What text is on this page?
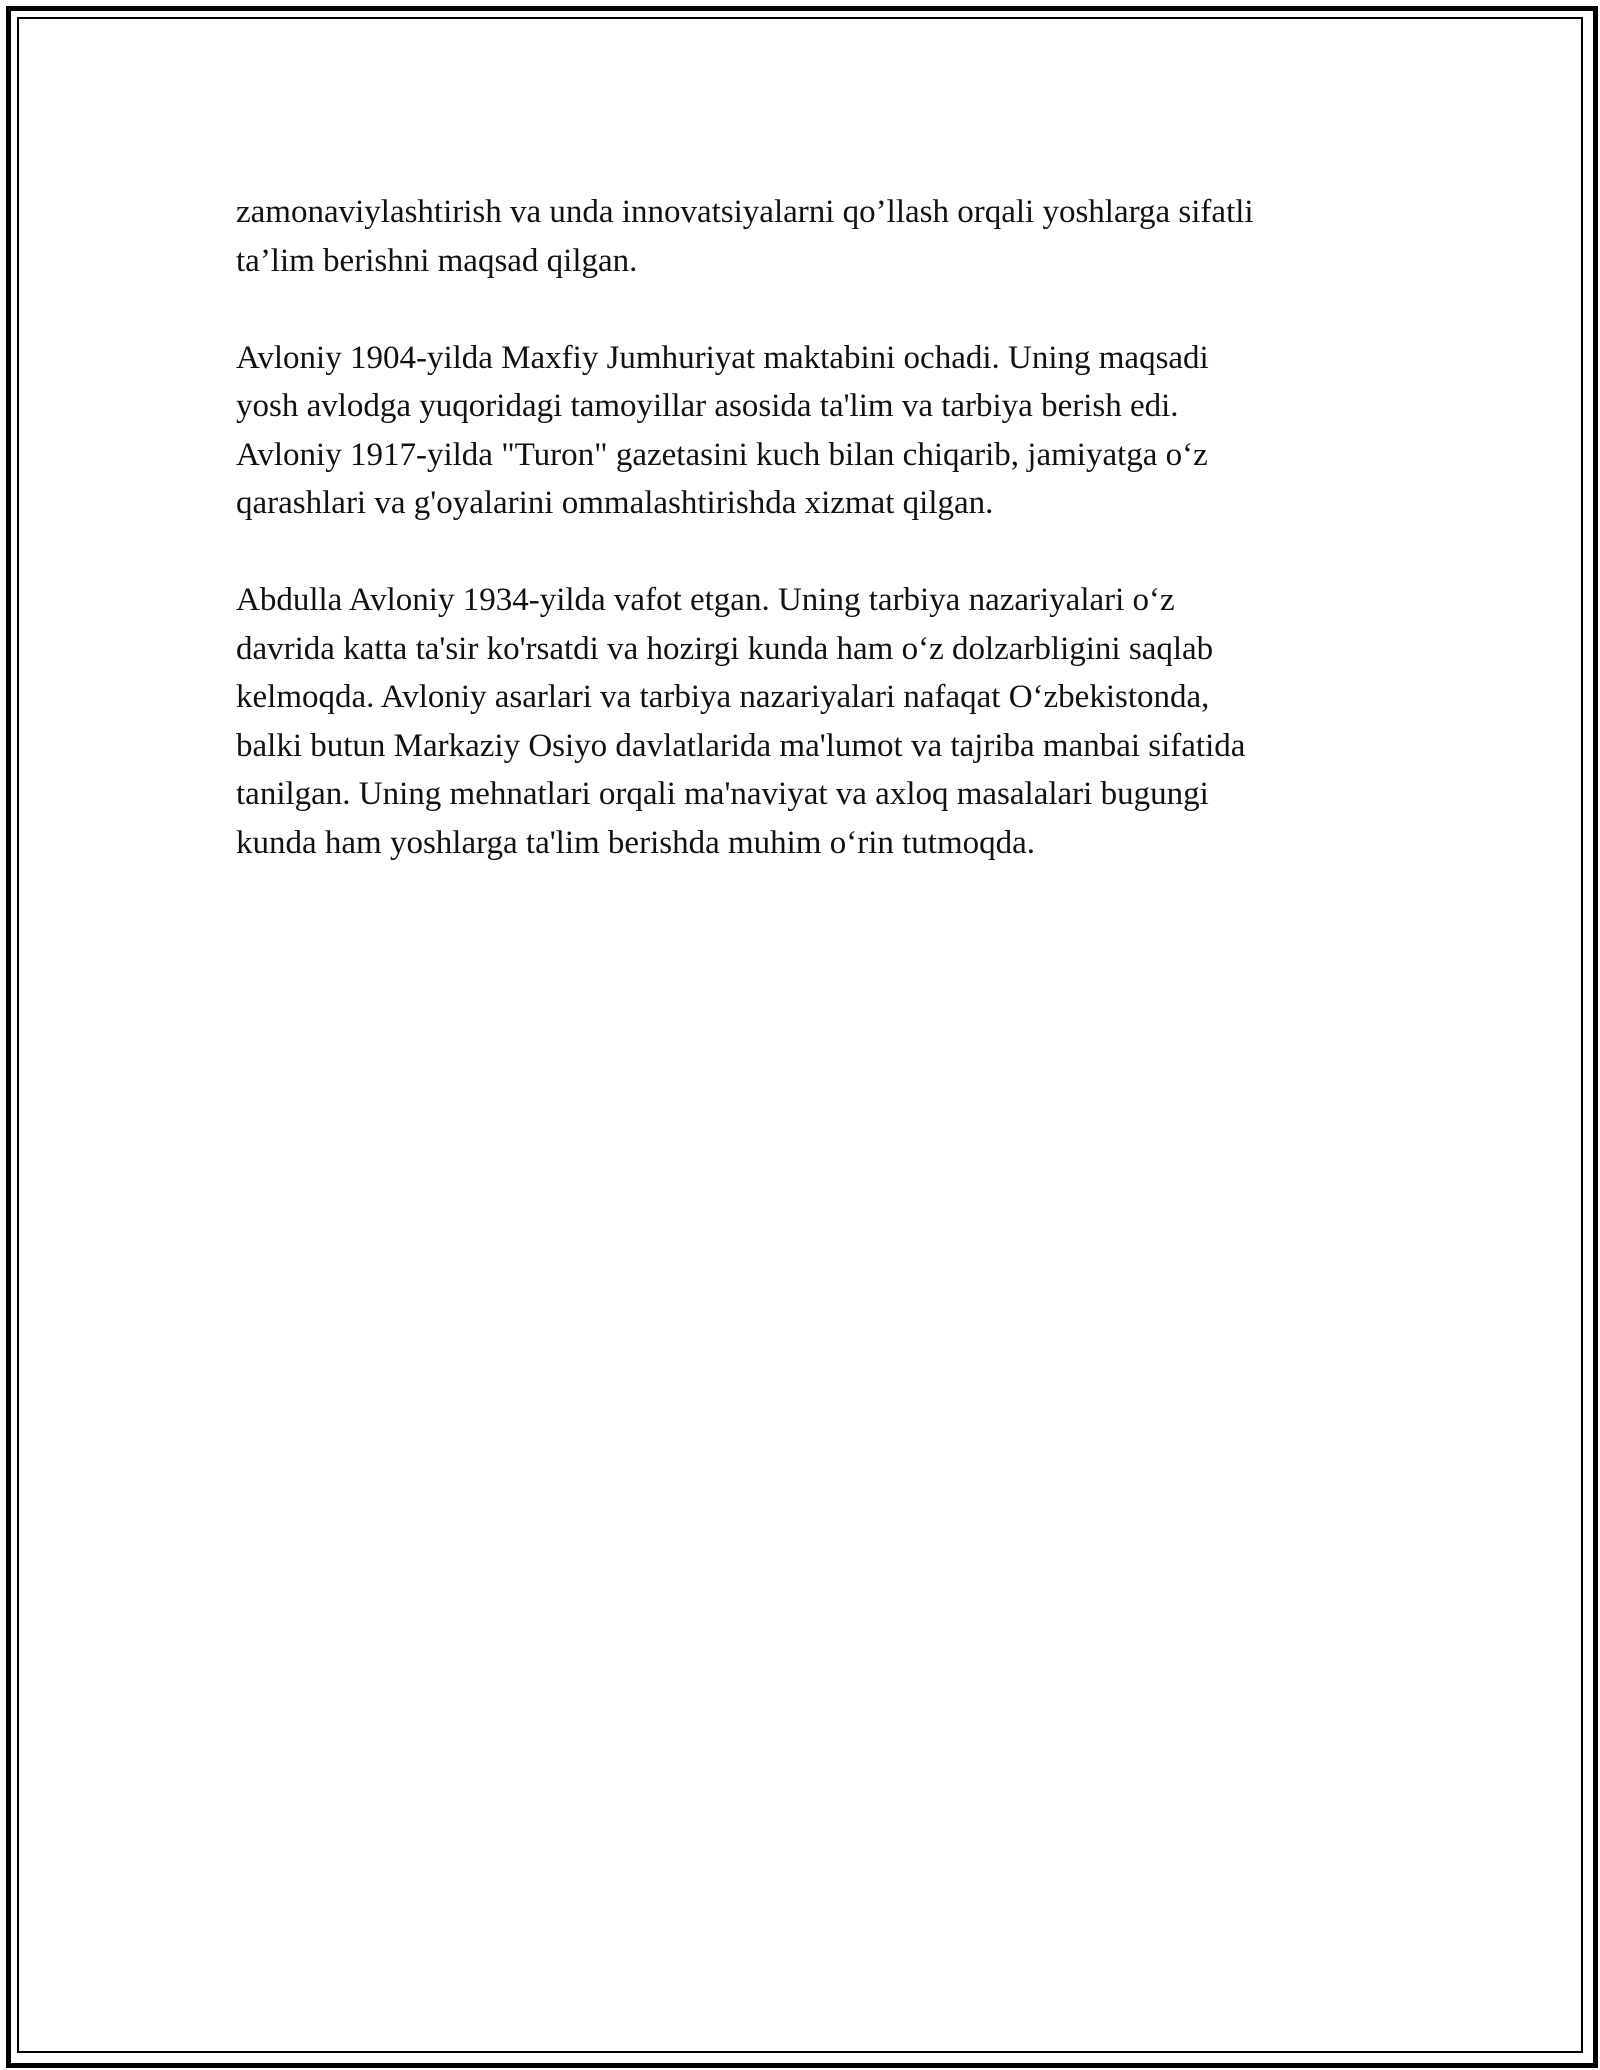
zamonaviylashtirish va unda innovatsiyalarni qo’llash orqali yoshlarga sifatli
ta’lim berishni maqsad qilgan.

Avloniy 1904-yilda Maxfiy Jumhuriyat maktabini ochadi. Uning maqsadi
yosh avlodga yuqoridagi tamoyillar asosida ta'lim va tarbiya berish edi.
Avloniy 1917-yilda "Turon" gazetasini kuch bilan chiqarib, jamiyatga o‘z
qarashlari va g'oyalarini ommalashtirishda xizmat qilgan.

Abdulla Avloniy 1934-yilda vafot etgan. Uning tarbiya nazariyalari o‘z
davrida katta ta'sir ko'rsatdi va hozirgi kunda ham o‘z dolzarbligini saqlab
kelmoqda. Avloniy asarlari va tarbiya nazariyalari nafaqat O‘zbekistonda,
balki butun Markaziy Osiyo davlatlarida ma'lumot va tajriba manbai sifatida
tanilgan. Uning mehnatlari orqali ma'naviyat va axloq masalalari bugungi
kunda ham yoshlarga ta'lim berishda muhim o‘rin tutmoqda.
